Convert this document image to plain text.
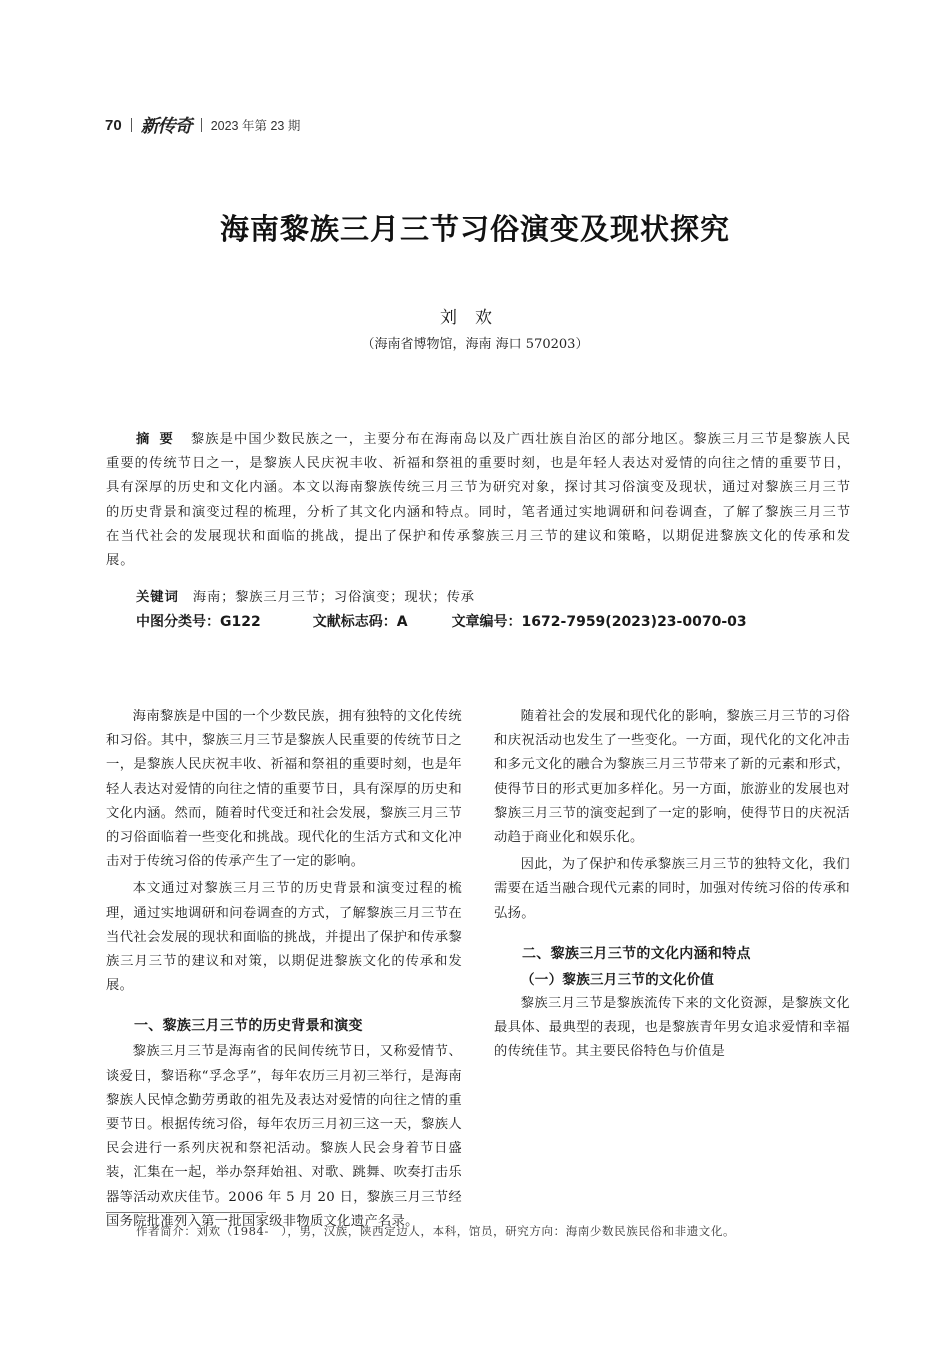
70 新传奇 2023 年第 23 期
海南黎族三月三节习俗演变及现状探究
刘欢
（海南省博物馆，海南 海口 570203）
摘要 黎族是中国少数民族之一，主要分布在海南岛以及广西壮族自治区的部分地区。黎族三月三节是黎族人民重要的传统节日之一，是黎族人民庆祝丰收、祈福和祭祖的重要时刻，也是年轻人表达对爱情的向往之情的重要节日，具有深厚的历史和文化内涵。本文以海南黎族传统三月三节为研究对象，探讨其习俗演变及现状，通过对黎族三月三节的历史背景和演变过程的梳理，分析了其文化内涵和特点。同时，笔者通过实地调研和问卷调查，了解了黎族三月三节在当代社会的发展现状和面临的挑战，提出了保护和传承黎族三月三节的建议和策略，以期促进黎族文化的传承和发展。
关键词 海南；黎族三月三节；习俗演变；现状；传承
中图分类号：G122	文献标志码：A	文章编号：1672-7959(2023)23-0070-03

海南黎族是中国的一个少数民族，拥有独特的文化传统和习俗。其中，黎族三月三节是黎族人民重要的传统节日之一，是黎族人民庆祝丰收、祈福和祭祖的重要时刻，也是年轻人表达对爱情的向往之情的重要节日，具有深厚的历史和文化内涵。然而，随着时代变迁和社会发展，黎族三月三节的习俗面临着一些变化和挑战。现代化的生活方式和文化冲击对于传统习俗的传承产生了一定的影响。

本文通过对黎族三月三节的历史背景和演变过程的梳理，通过实地调研和问卷调查的方式，了解黎族三月三节在当代社会发展的现状和面临的挑战，并提出了保护和传承黎族三月三节的建议和对策，以期促进黎族文化的传承和发展。

一、黎族三月三节的历史背景和演变

黎族三月三节是海南省的民间传统节日，又称爱情节、谈爱日，黎语称“孚念孚”，每年农历三月初三举行，是海南黎族人民悼念勤劳勇敢的祖先及表达对爱情的向往之情的重要节日。根据传统习俗，每年农历三月初三这一天，黎族人民会进行一系列庆祝和祭祀活动。黎族人民会身着节日盛装，汇集在一起，举办祭拜始祖、对歌、跳舞、吹奏打击乐器等活动欢庆佳节。2006 年 5 月 20 日，黎族三月三节经国务院批准列入第一批国家级非物质文化遗产名录。

随着社会的发展和现代化的影响，黎族三月三节的习俗和庆祝活动也发生了一些变化。一方面，现代化的文化冲击和多元文化的融合为黎族三月三节带来了新的元素和形式，使得节日的形式更加多样化。另一方面，旅游业的发展也对黎族三月三节的演变起到了一定的影响，使得节日的庆祝活动趋于商业化和娱乐化。

因此，为了保护和传承黎族三月三节的独特文化，我们需要在适当融合现代元素的同时，加强对传统习俗的传承和弘扬。

二、黎族三月三节的文化内涵和特点
（一）黎族三月三节的文化价值

黎族三月三节是黎族流传下来的文化资源，是黎族文化最具体、最典型的表现，也是黎族青年男女追求爱情和幸福的传统佳节。其主要民俗特色与价值是

作者简介：刘欢（1984-　），男，汉族，陕西定边人，本科，馆员，研究方向：海南少数民族民俗和非遗文化。
